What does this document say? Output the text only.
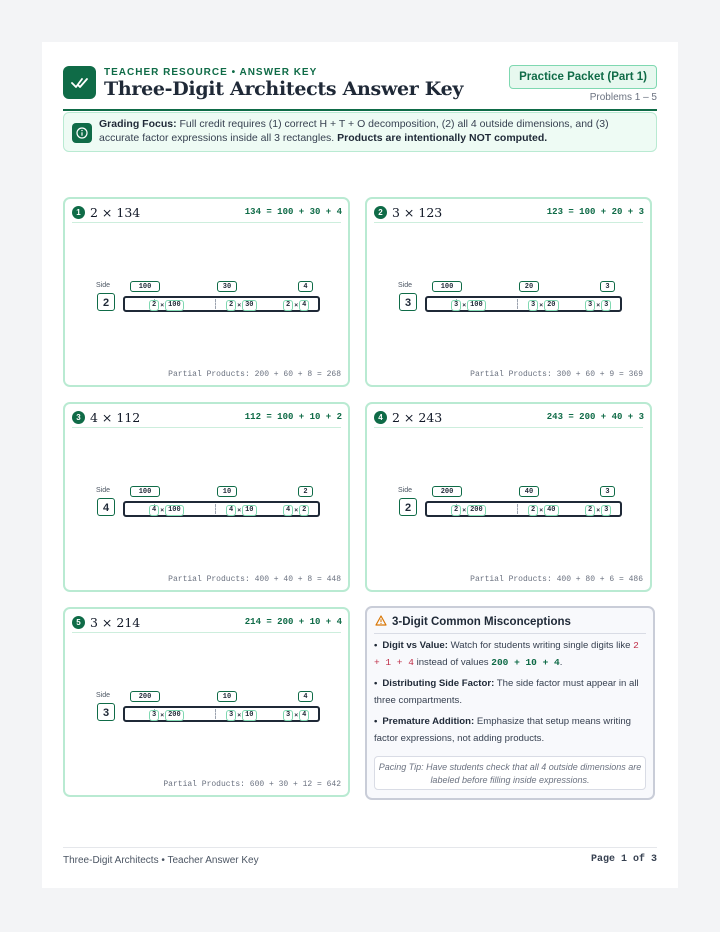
TEACHER RESOURCE • ANSWER KEY
Three-Digit Architects Answer Key
Practice Packet (Part 1)
Problems 1 – 5
Grading Focus: Full credit requires (1) correct H + T + O decomposition, (2) all 4 outside dimensions, and (3) accurate factor expressions inside all 3 rectangles. Products are intentionally NOT computed.
1 2 × 134	134 = 100 + 30 + 4
Side
2
100	30	4
2 × 100	2 × 30	2 × 4
Partial Products: 200 + 60 + 8 = 268
2 3 × 123	123 = 100 + 20 + 3
Side
3
100	20	3
3 × 100	3 × 20	3 × 3
Partial Products: 300 + 60 + 9 = 369
3 4 × 112	112 = 100 + 10 + 2
Side
4
100	10	2
4 × 100	4 × 10	4 × 2
Partial Products: 400 + 40 + 8 = 448
4 2 × 243	243 = 200 + 40 + 3
Side
2
200	40	3
2 × 200	2 × 40	2 × 3
Partial Products: 400 + 80 + 6 = 486
5 3 × 214	214 = 200 + 10 + 4
Side
3
200	10	4
3 × 200	3 × 10	3 × 4
Partial Products: 600 + 30 + 12 = 642
3-Digit Common Misconceptions
• Digit vs Value: Watch for students writing single digits like 2 + 1 + 4 instead of values 200 + 10 + 4.
• Distributing Side Factor: The side factor must appear in all three compartments.
• Premature Addition: Emphasize that setup means writing factor expressions, not adding products.
Pacing Tip: Have students check that all 4 outside dimensions are labeled before filling inside expressions.
Three-Digit Architects • Teacher Answer Key	Page 1 of 3
